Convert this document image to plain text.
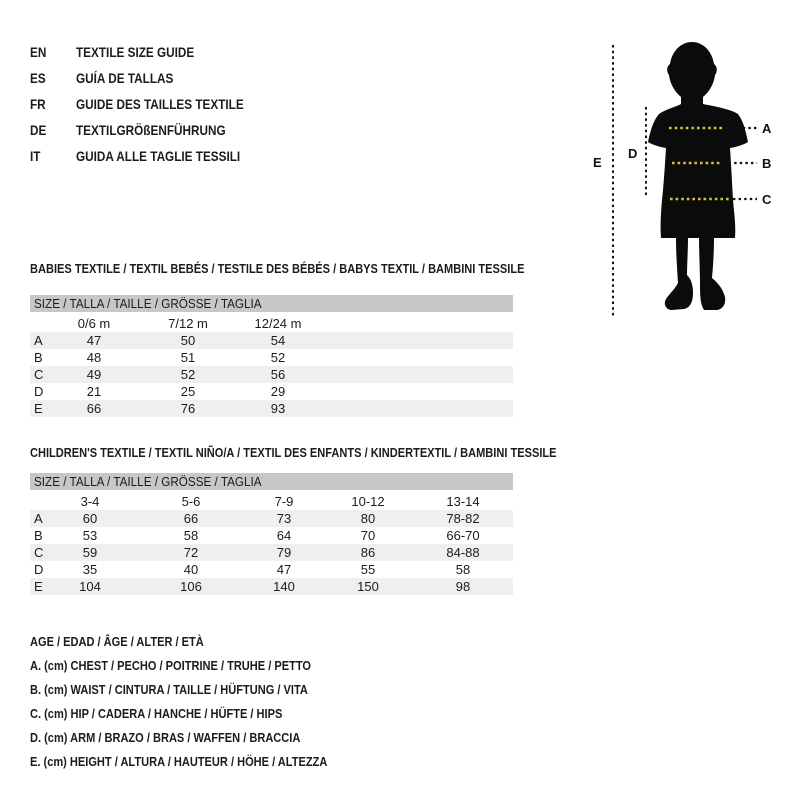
EN	TEXTILE SIZE GUIDE
ES	GUÍA DE TALLAS
FR	GUIDE DES TAILLES TEXTILE
DE	TEXTILGRÖßENFÜHRUNG
IT	GUIDA ALLE TAGLIE TESSILI
A
B
C
D
E
BABIES TEXTILE / TEXTIL BEBÉS / TESTILE DES BÉBÉS / BABYS TEXTIL / BAMBINI TESSILE
SIZE / TALLA / TAILLE / GRÖSSE / TAGLIA
	0/6 m	7/12 m	12/24 m	
A	47	50	54	
B	48	51	52	
C	49	52	56	
D	21	25	29	
E	66	76	93	
CHILDREN'S TEXTILE / TEXTIL NIÑO/A / TEXTIL DES ENFANTS / KINDERTEXTIL / BAMBINI TESSILE
SIZE / TALLA / TAILLE / GRÖSSE / TAGLIA
	3-4	5-6	7-9	10-12	13-14	
A	60	66	73	80	78-82	
B	53	58	64	70	66-70	
C	59	72	79	86	84-88	
D	35	40	47	55	58	
E	104	106	140	150	98	
AGE / EDAD / ÂGE / ALTER / ETÀ
A. (cm) CHEST / PECHO / POITRINE / TRUHE / PETTO
B. (cm) WAIST / CINTURA / TAILLE / HÜFTUNG / VITA
C. (cm) HIP / CADERA / HANCHE / HÜFTE / HIPS
D. (cm) ARM / BRAZO / BRAS / WAFFEN / BRACCIA
E. (cm) HEIGHT / ALTURA / HAUTEUR / HÖHE / ALTEZZA
